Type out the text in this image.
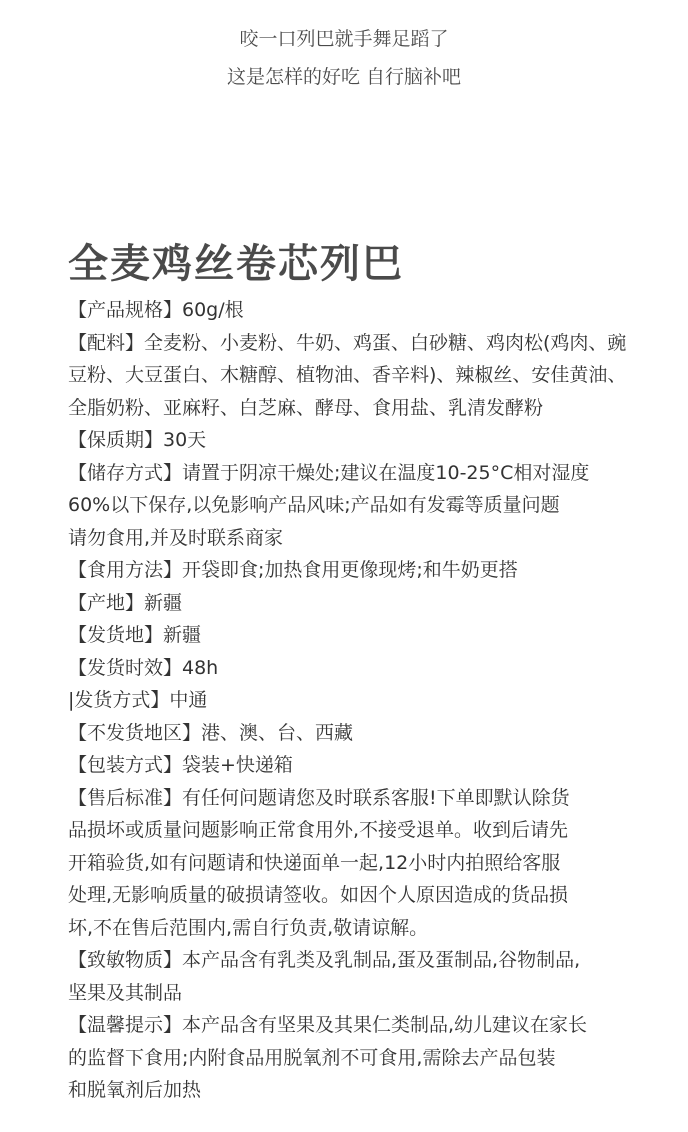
咬一口列巴就手舞足蹈了
这是怎样的好吃 自行脑补吧
全麦鸡丝卷芯列巴
【产品规格】60g/根
【配料】全麦粉、小麦粉、牛奶、鸡蛋、白砂糖、鸡肉松(鸡肉、豌
豆粉、大豆蛋白、木糖醇、植物油、香辛料)、辣椒丝、安佳黄油、
全脂奶粉、亚麻籽、白芝麻、酵母、食用盐、乳清发酵粉
【保质期】30天
【储存方式】请置于阴凉干燥处;建议在温度10-25°C相对湿度
60%以下保存,以免影响产品风味;产品如有发霉等质量问题
请勿食用,并及时联系商家
【食用方法】开袋即食;加热食用更像现烤;和牛奶更搭
【产地】新疆
【发货地】新疆
【发货时效】48h
|发货方式】中通
【不发货地区】港、澳、台、西藏
【包装方式】袋装+快递箱
【售后标准】有任何问题请您及时联系客服!下单即默认除货
品损坏或质量问题影响正常食用外,不接受退单。收到后请先
开箱验货,如有问题请和快递面单一起,12小时内拍照给客服
处理,无影响质量的破损请签收。如因个人原因造成的货品损
坏,不在售后范围内,需自行负责,敬请谅解。
【致敏物质】本产品含有乳类及乳制品,蛋及蛋制品,谷物制品,
坚果及其制品
【温馨提示】本产品含有坚果及其果仁类制品,幼儿建议在家长
的监督下食用;内附食品用脱氧剂不可食用,需除去产品包装
和脱氧剂后加热
